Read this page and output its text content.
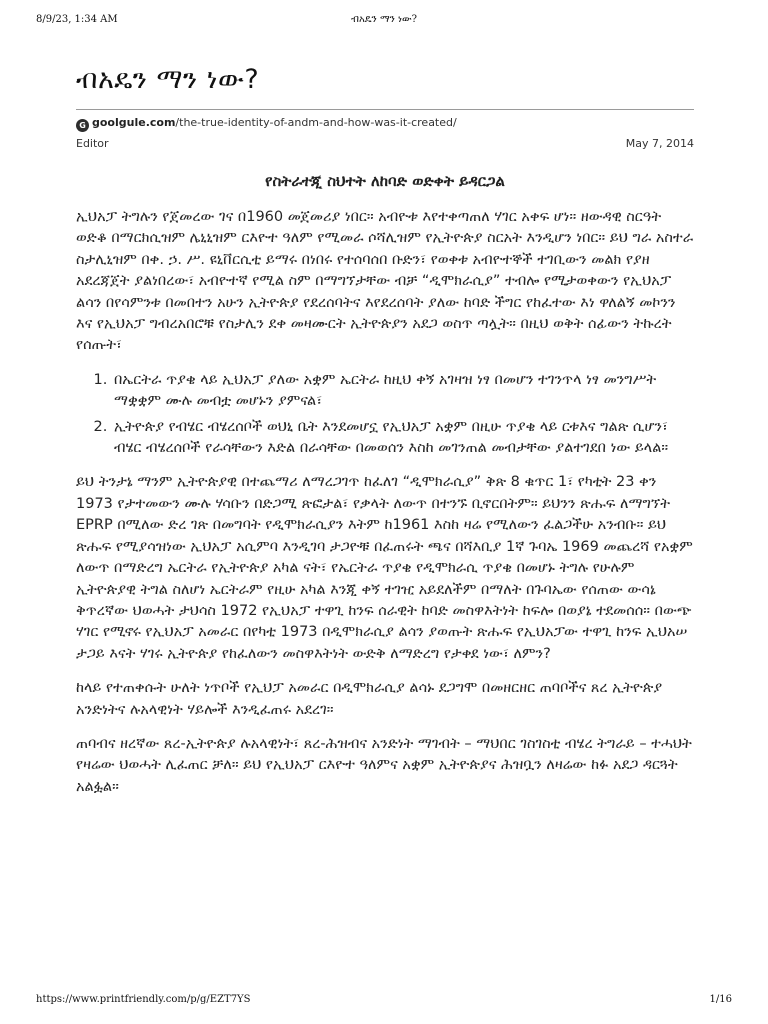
8/9/23, 1:34 AM	ብአዴን ማን ነው?
ብአዴን ማን ነው?
G goolgule.com/the-true-identity-of-andm-and-how-was-it-created/
Editor	May 7, 2014
የስትራተጂ ስህተት ለከባድ ወድቀት ይዳርጋል

ኢህአፓ ትግሉን የጀመረው ገና በ1960 መጀመሪያ ነበር። አብዮቱ እየተቀጣጠለ ሃገር አቀፍ ሆነ። ዘውዳዊ ስርዓት ወድቆ በማርክሲዝም ሌኒኒዝም ርእዮተ ዓለም የሚመራ ሶሻሊዝም የኢትዮጵያ ስርአት እንዲሆን ነበር። ይህ ግራ አስተራ ስታሊኒዝም በቀ. ኃ. ሥ. ዩኒቨርሲቲ ይማሩ በነበሩ የተሰባሰበ ቡድን፣ የወቀቱ አብዮተኞች ተገቢውን መልክ የያዘ አደረጃጀት ያልነበረው፣ አብዮተኛ የሚል ስም በማግኘታቸው ብቻ “ዲሞክራሲያ” ተብሎ የሚታወቀውን የኢህአፓ ልሳን በየሳምንቱ በመበተን አሁን ኢትዮጵያ የደረሰባትና እየደረሰባት ያለው ከባድ ችግር የከፈተው እነ ዋለልኝ መኮንን እና የኢህአፓ ግብረአበሮቹ የስታሊን ደቀ መዛሙርት ኢትዮጵያን አደጋ ወስጥ ጣሏት። በዚህ ወቅት ሰፊውን ትኩረት የሰጡት፣

1. በኤርትራ ጥያቄ ላይ ኢህአፓ ያለው አቋም ኤርትራ ከዚህ ቀኝ አገዛዝ ነፃ በመሆን ተገንጥላ ነፃ መንግሥት ማቋቋም ሙሉ መብቷ መሆኑን ያምናል፣
2. ኢትዮጵያ የብሄር ብሄረሰቦች ወህኒ ቤት እንደመሆኗ የኢህአፓ አቋም በዚሁ ጥያቄ ላይ ርቱእና ግልጽ ሲሆን፣ ብሄር ብሄረሰቦች የራሳቸውን እድል በራሳቸው በመወሰን እስከ መገንጠል መብታቸው ያልተገደበ ነው ይላል።

ይህ ትንታኔ ማንም ኢትዮጵያዊ በተጨማሪ ለማረጋገጥ ከፈለገ “ዲሞክራሲያ” ቅጽ 8 ቁጥር 1፣ የካቲት 23 ቀን 1973 የታተመውን ሙሉ ሃሳቡን በድጋሚ ጽፎታል፣ የቃላት ለውጥ በተንኙ ቢኖርበትም። ይህንን ጽሑፍ ለማግኘት EPRP በሚለው ድረ ገጽ በመግባት የዲሞክራሲያን እትም ከ1961 እስከ ዛሬ የሚለውን ፈልጋችሁ አንብቡ። ይህ ጽሑፍ የሚያሳዝነው ኢህአፓ አሲምባ እንዲገባ ታጋዮቹ በፈጠሩት ጫና በሻእቢያ 1ኛ ጉባኤ 1969 መጨረሻ የአቋም ለውጥ በማድረግ ኤርትራ የኢትዮጵያ አካል ናት፣ የኤርትራ ጥያቄ የዲሞክራሲ ጥያቄ በመሆኑ ትግሉ የሁሉም ኢትዮጵያዊ ትግል ስለሆነ ኤርትራም የዚሁ አካል እንጂ ቀኝ ተገዢ አይደለችም በማለት በጉባኤው የሰጠው ውሳኔ ቅጥረኛው ህወሓት ታህሳስ 1972 የኢህአፓ ተዋጊ ከንፍ ሰራዊት ከባድ መስዋእትነት ከፍሎ በወያኔ ተደመሰሰ። በውጭ ሃገር የሚኖሩ የኢህአፓ አመራር በየካቲ 1973 በዲሞክራሲያ ልሳን ያወጡት ጽሑፍ የኢህአፓው ተዋጊ ከንፍ ኢህአሠ ታጋይ እናት ሃገሩ ኢትዮጵያ የከፈለውን መስዋእትነት ውድቅ ለማድረግ የታቀደ ነው፣ ለምን?

ከላይ የተጠቀሱት ሁለት ነጥቦች የኢህፓ አመራር በዲሞክራሲያ ልሳኑ ደጋግሞ በመዘርዘር ጠባቦችና ጸረ ኢትዮጵያ አንድነትና ሉአላዊነት ሃይሎች እንዲፈጠሩ አደረገ።

ጠባብና ዘረኛው ጸረ-ኢትዮጵያ ሉአላዊነት፣ ጸረ-ሕዝብና አንድነት ማገብት – ማህበር ገስገስቲ ብሄረ ትግራይ – ተሓህት የዛሬው ህወሓት ሊፈጠር ቻለ። ይህ የኢህአፓ ርእዮተ ዓለምና አቋም ኢትዮጵያና ሕዝቧን ለዛሬው ከፉ አደጋ ዳርጓት አልፏል።

https://www.printfriendly.com/p/g/EZT7YS	1/16
